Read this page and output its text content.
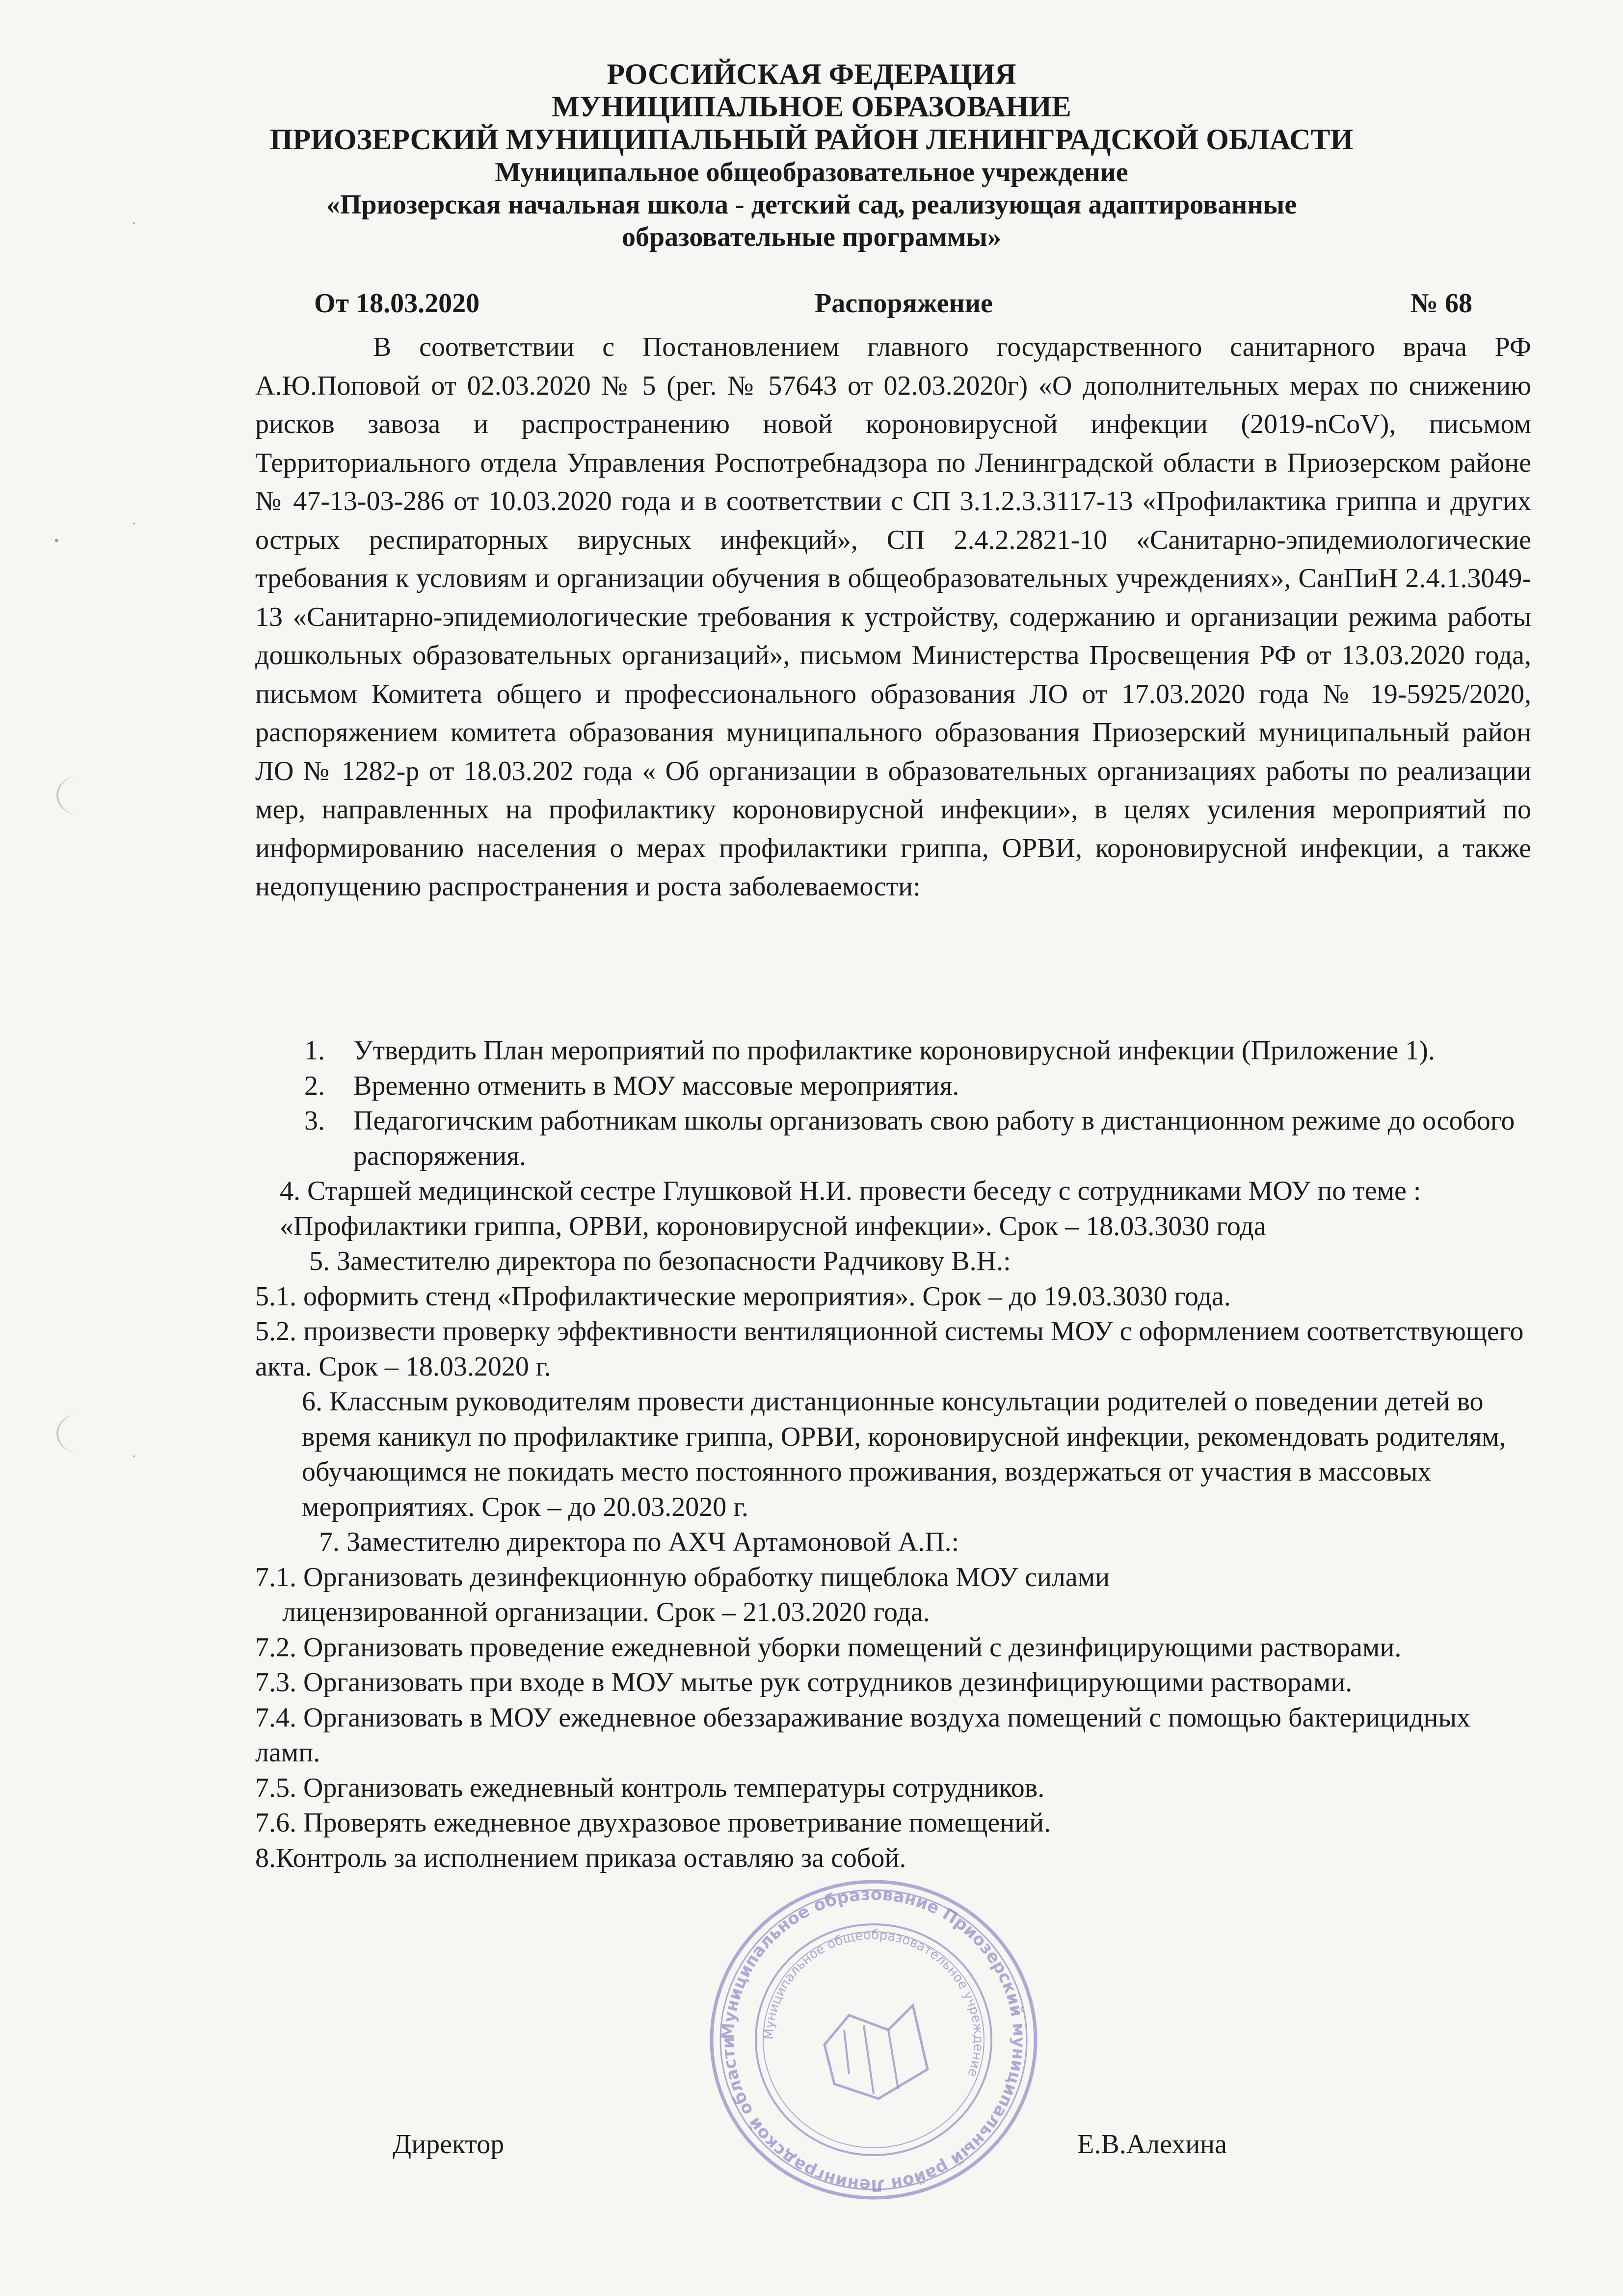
РОССИЙСКАЯ ФЕДЕРАЦИЯ
МУНИЦИПАЛЬНОЕ ОБРАЗОВАНИЕ
ПРИОЗЕРСКИЙ МУНИЦИПАЛЬНЫЙ РАЙОН ЛЕНИНГРАДСКОЙ ОБЛАСТИ
Муниципальное общеобразовательное учреждение
«Приозерская начальная школа - детский сад, реализующая адаптированные образовательные программы»
От 18.03.2020	Распоряжение	№ 68

В соответствии с Постановлением главного государственного санитарного врача РФ А.Ю.Поповой от 02.03.2020 № 5 (рег. № 57643 от 02.03.2020г) «О дополнительных мерах по снижению рисков завоза и распространению новой короновирусной инфекции (2019-nCoV), письмом Территориального отдела Управления Роспотребнадзора по Ленинградской области в Приозерском районе № 47-13-03-286 от 10.03.2020 года и в соответствии с СП 3.1.2.3.3117-13 «Профилактика гриппа и других острых респираторных вирусных инфекций», СП 2.4.2.2821-10 «Санитарно-эпидемиологические требования к условиям и организации обучения в общеобразовательных учреждениях», СанПиН 2.4.1.3049-13 «Санитарно-эпидемиологические требования к устройству, содержанию и организации режима работы дошкольных образовательных организаций», письмом Министерства Просвещения РФ от 13.03.2020 года, письмом Комитета общего и профессионального образования ЛО от 17.03.2020 года № 19-5925/2020, распоряжением комитета образования муниципального образования Приозерский муниципальный район ЛО № 1282-р от 18.03.202 года « Об организации в образовательных организациях работы по реализации мер, направленных на профилактику короновирусной инфекции», в целях усиления мероприятий по информированию населения о мерах профилактики гриппа, ОРВИ, короновирусной инфекции, а также недопущению распространения и роста заболеваемости:

1. Утвердить План мероприятий по профилактике короновирусной инфекции (Приложение 1).

2. Временно отменить в МОУ массовые мероприятия.

3. Педагогичским работникам школы организовать свою работу в дистанционном режиме до особого распоряжения.

4. Старшей медицинской сестре Глушковой Н.И. провести беседу с сотрудниками МОУ по теме : «Профилактики гриппа, ОРВИ, короновирусной инфекции». Срок – 18.03.3030 года

5. Заместителю директора по безопасности Радчикову В.Н.:

5.1. оформить стенд «Профилактические мероприятия». Срок – до 19.03.3030 года.

5.2. произвести проверку эффективности вентиляционной системы МОУ с оформлением соответствующего акта. Срок – 18.03.2020 г.

6. Классным руководителям провести дистанционные консультации родителей о поведении детей во время каникул по профилактике гриппа, ОРВИ, короновирусной инфекции, рекомендовать родителям, обучающимся не покидать место постоянного проживания, воздержаться от участия в массовых мероприятиях. Срок – до 20.03.2020 г.

7. Заместителю директора по АХЧ Артамоновой А.П.:

7.1. Организовать дезинфекционную обработку пищеблока МОУ силами

лицензированной организации. Срок – 21.03.2020 года.

7.2. Организовать проведение ежедневной уборки помещений с дезинфицирующими растворами.

7.3. Организовать при входе в МОУ мытье рук сотрудников дезинфицирующими растворами.

7.4. Организовать в МОУ ежедневное обеззараживание воздуха помещений с помощью бактерицидных ламп.

7.5. Организовать ежедневный контроль температуры сотрудников.

7.6. Проверять ежедневное двухразовое проветривание помещений.

8.Контроль за исполнением приказа оставляю за собой.

Директор	Е.В.Алехина
Муниципальное образование Приозерский муниципальный район Ленинградской области
Муниципальное общеобразовательное учреждение
·
·
•
·
